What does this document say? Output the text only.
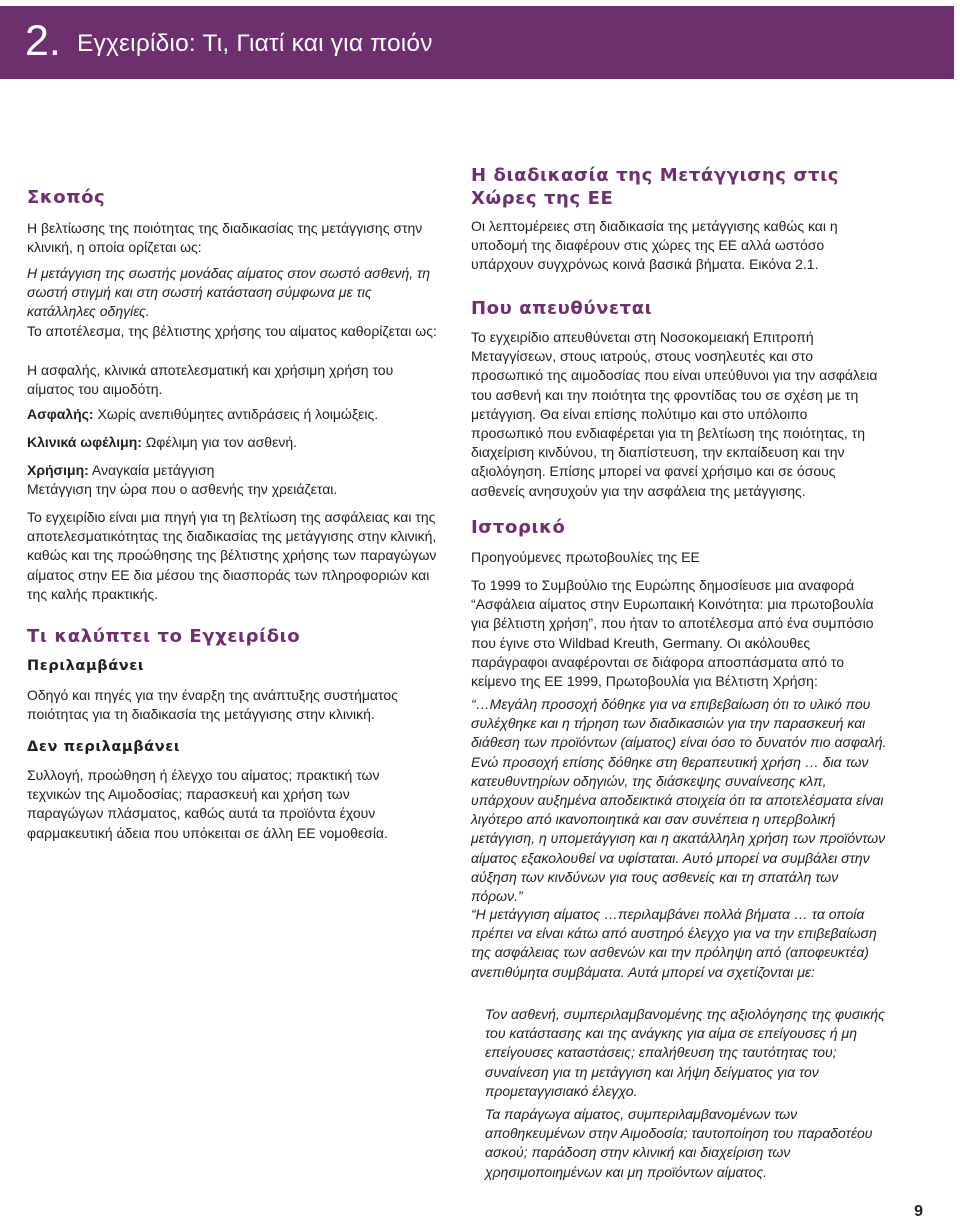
2. Εγχειρίδιο: Τι, Γιατί και για ποιόν
Σκοπός

Η βελτίωσης της ποιότητας της διαδικασίας της μετάγγισης στην κλινική, η οποία ορίζεται ως:

Η μετάγγιση της σωστής μονάδας αίματος στον σωστό ασθενή, τη σωστή στιγμή και στη σωστή κατάσταση σύμφωνα με τις κατάλληλες οδηγίες.

Το αποτέλεσμα, της βέλτιστης χρήσης του αίματος καθορίζεται ως:

Η ασφαλής, κλινικά αποτελεσματική και χρήσιμη χρήση του αίματος του αιμοδότη.

Ασφαλής: Χωρίς ανεπιθύμητες αντιδράσεις ή λοιμώξεις.

Κλινικά ωφέλιμη: Ωφέλιμη για τον ασθενή.

Χρήσιμη: Αναγκαία μετάγγιση

Μετάγγιση την ώρα που ο ασθενής την χρειάζεται.

Το εγχειρίδιο είναι μια πηγή για τη βελτίωση της ασφάλειας και της αποτελεσματικότητας της διαδικασίας της μετάγγισης στην κλινική, καθώς και της προώθησης της βέλτιστης χρήσης των παραγώγων αίματος στην ΕΕ δια μέσου της διασποράς των πληροφοριών και της καλής πρακτικής.

Τι καλύπτει το Εγχειρίδιο
Περιλαμβάνει

Οδηγό και πηγές για την έναρξη της ανάπτυξης συστήματος ποιότητας για τη διαδικασία της μετάγγισης στην κλινική.

Δεν περιλαμβάνει

Συλλογή, προώθηση ή έλεγχο του αίματος; πρακτική των τεχνικών της Αιμοδοσίας; παρασκευή και χρήση των παραγώγων πλάσματος, καθώς αυτά τα προϊόντα έχουν φαρμακευτική άδεια που υπόκειται σε άλλη ΕΕ νομοθεσία.

Η διαδικασία της Μετάγγισης στις Χώρες της ΕΕ

Οι λεπτομέρειες στη διαδικασία της μετάγγισης καθώς και η υποδομή της διαφέρουν στις χώρες της ΕΕ αλλά ωστόσο υπάρχουν συγχρόνως κοινά βασικά βήματα. Εικόνα 2.1.

Που απευθύνεται

Το εγχειρίδιο απευθύνεται στη Νοσοκομειακή Επιτροπή Μεταγγίσεων, στους ιατρούς, στους νοσηλευτές και στο προσωπικό της αιμοδοσίας που είναι υπεύθυνοι για την ασφάλεια του ασθενή και την ποιότητα της φροντίδας του σε σχέση με τη μετάγγιση. Θα είναι επίσης πολύτιμο και στο υπόλοιπο προσωπικό που ενδιαφέρεται για τη βελτίωση της ποιότητας, τη διαχείριση κινδύνου, τη διαπίστευση, την εκπαίδευση και την αξιολόγηση. Επίσης μπορεί να φανεί χρήσιμο και σε όσους ασθενείς ανησυχούν για την ασφάλεια της μετάγγισης.

Ιστορικό

Προηγούμενες πρωτοβουλίες της ΕΕ

Το 1999 το Συμβούλιο της Ευρώπης δημοσίευσε μια αναφορά “Ασφάλεια αίματος στην Ευρωπαική Κοινότητα: μια πρωτοβουλία για βέλτιστη χρήση”, που ήταν το αποτέλεσμα από ένα συμπόσιο που έγινε στο Wildbad Kreuth, Germany. Οι ακόλουθες παράγραφοι αναφέρονται σε διάφορα αποσπάσματα από το κείμενο της ΕΕ 1999, Πρωτοβουλία για Βέλτιστη Χρήση:

“…Μεγάλη προσοχή δόθηκε για να επιβεβαίωση ότι το υλικό που συλέχθηκε και η τήρηση των διαδικασιών για την παρασκευή και διάθεση των προϊόντων (αίματος) είναι όσο το δυνατόν πιο ασφαλή. Ενώ προσοχή επίσης δόθηκε στη θεραπευτική χρήση … δια των κατευθυντηρίων οδηγιών, της διάσκεψης συναίνεσης κλπ, υπάρχουν αυξημένα αποδεικτικά στοιχεία ότι τα αποτελέσματα είναι λιγότερο από ικανοποιητικά και σαν συνέπεια η υπερβολική μετάγγιση, η υπομετάγγιση και η ακατάλληλη χρήση των προϊόντων αίματος εξακολουθεί να υφίσταται. Αυτό μπορεί να συμβάλει στην αύξηση των κινδύνων για τους ασθενείς και τη σπατάλη των πόρων.”

“Η μετάγγιση αίματος …περιλαμβάνει πολλά βήματα … τα οποία πρέπει να είναι κάτω από αυστηρό έλεγχο για να την επιβεβαίωση της ασφάλειας των ασθενών και την πρόληψη από (αποφευκτέα) ανεπιθύμητα συμβάματα. Αυτά μπορεί να σχετίζονται με:

Τον ασθενή, συμπεριλαμβανομένης της αξιολόγησης της φυσικής του κατάστασης και της ανάγκης για αίμα σε επείγουσες ή μη επείγουσες καταστάσεις; επαλήθευση της ταυτότητας του; συναίνεση για τη μετάγγιση και λήψη δείγματος για τον προμεταγγισιακό έλεγχο.

Τα παράγωγα αίματος, συμπεριλαμβανομένων των αποθηκευμένων στην Αιμοδοσία; ταυτοποίηση του παραδοτέου ασκού; παράδοση στην κλινική και διαχείριση των χρησιμοποιημένων και μη προϊόντων αίματος.

9
